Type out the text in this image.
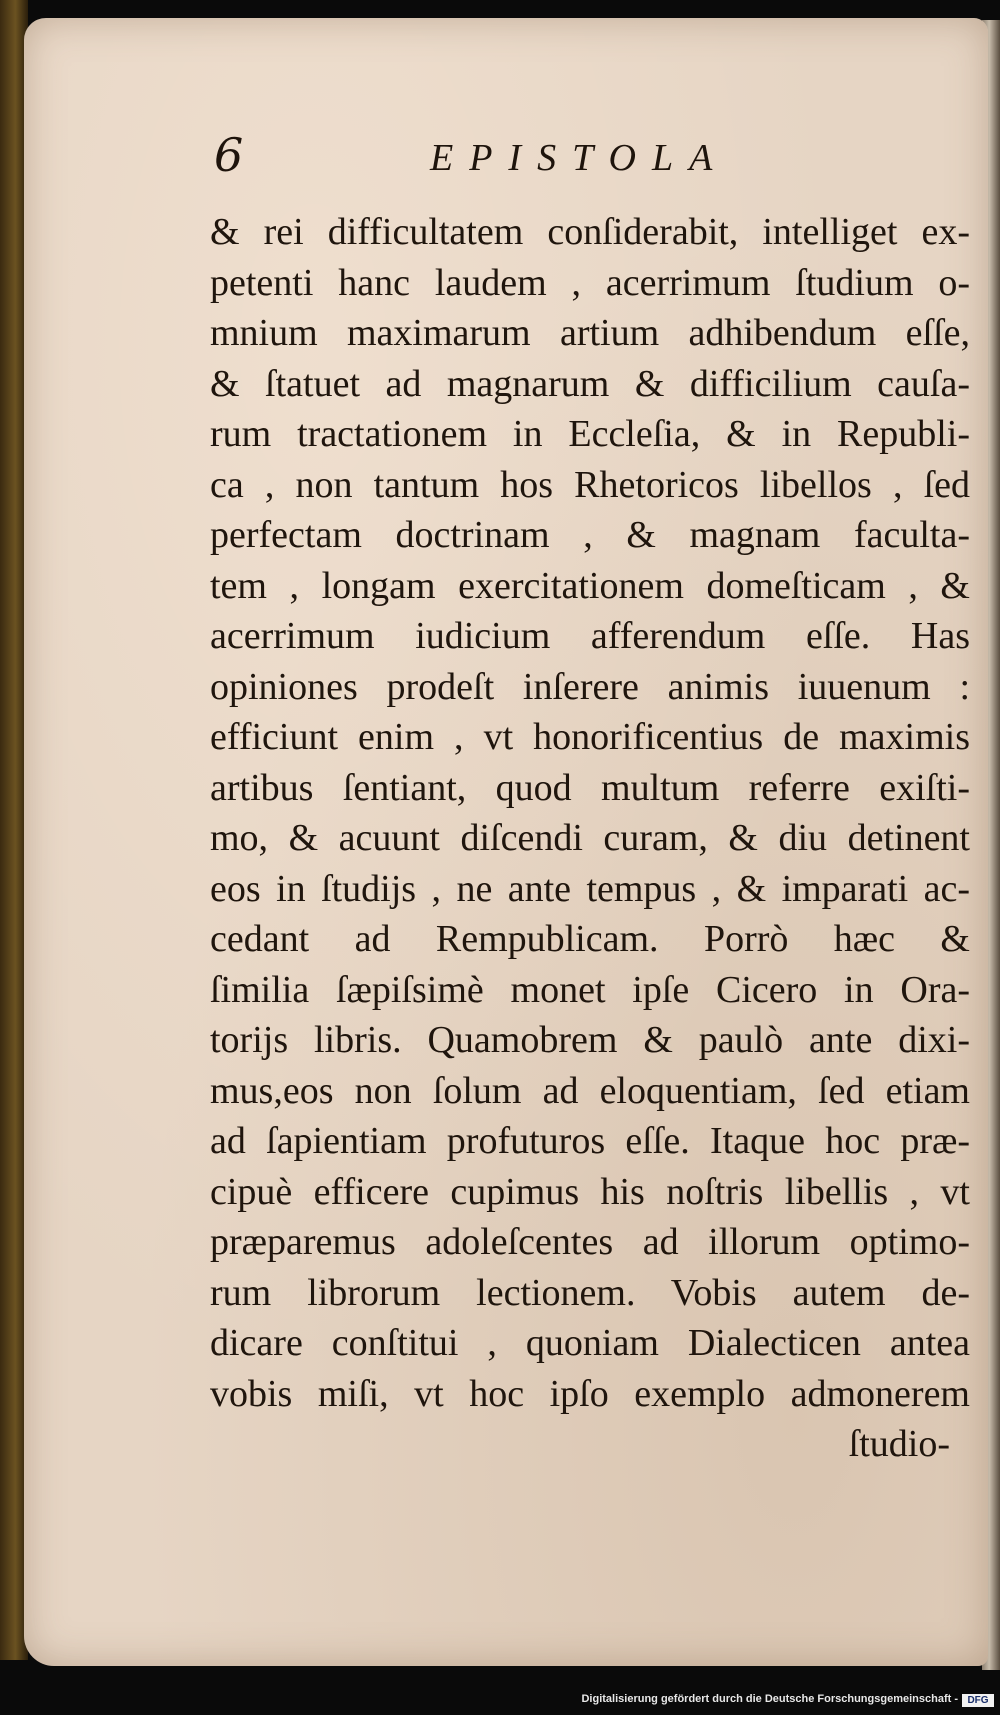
6	EPISTOLA
& rei difficultatem conſiderabit, intelliget ex-
petenti hanc laudem , acerrimum ſtudium o-
mnium maximarum artium adhibendum eſſe,
& ſtatuet ad magnarum & difficilium cauſa-
rum tractationem in Eccleſia, & in Republi-
ca , non tantum hos Rhetoricos libellos , ſed
perfectam doctrinam , & magnam faculta-
tem , longam exercitationem domeſticam , &
acerrimum iudicium afferendum eſſe. Has
opiniones prodeſt inſerere animis iuuenum :
efficiunt enim , vt honorificentius de maximis
artibus ſentiant, quod multum referre exiſti-
mo, & acuunt diſcendi curam, & diu detinent
eos in ſtudijs , ne ante tempus , & imparati ac-
cedant ad Rempublicam. Porrò hæc &
ſimilia ſæpiſsimè monet ipſe Cicero in Ora-
torijs libris. Quamobrem & paulò ante dixi-
mus,eos non ſolum ad eloquentiam, ſed etiam
ad ſapientiam profuturos eſſe. Itaque hoc præ-
cipuè efficere cupimus his noſtris libellis , vt
præparemus adoleſcentes ad illorum optimo-
rum librorum lectionem. Vobis autem de-
dicare conſtitui , quoniam Dialecticen antea
vobis miſi, vt hoc ipſo exemplo admonerem
ſtudio-
Digitalisierung gefördert durch die Deutsche Forschungsgemeinschaft - DFG
